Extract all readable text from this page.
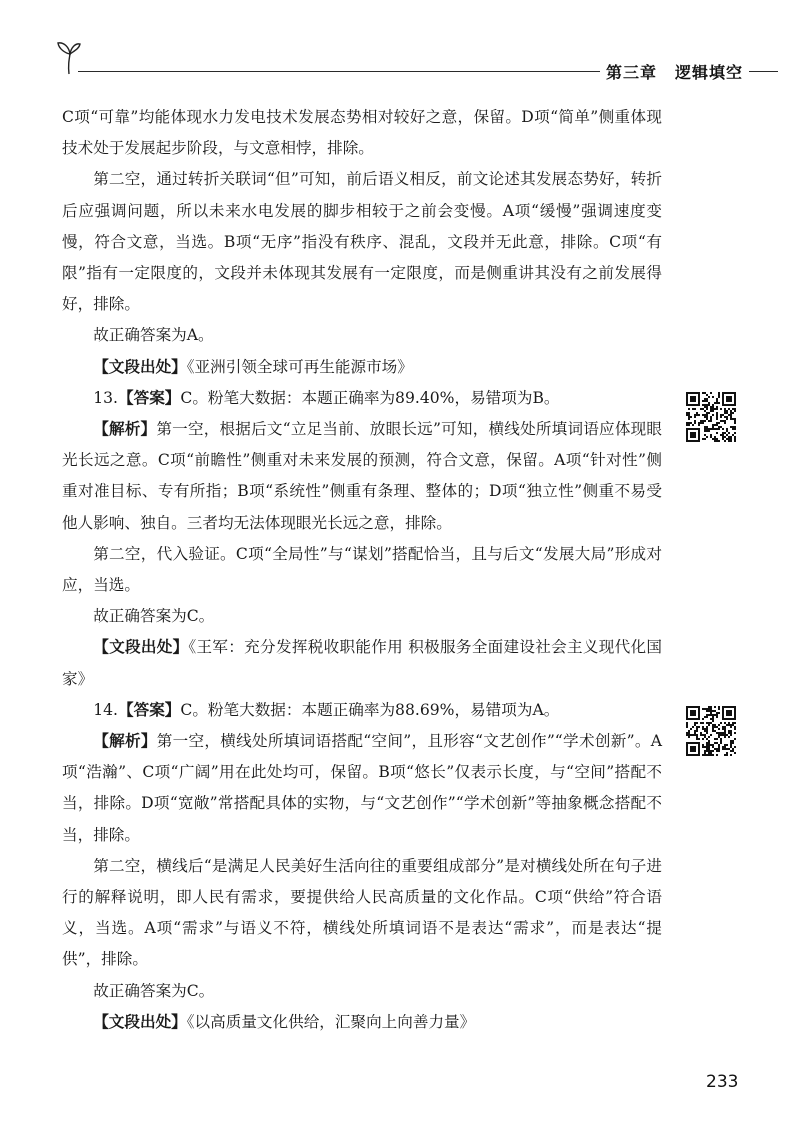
第三章 逻辑填空

C项“可靠”均能体现水力发电技术发展态势相对较好之意，保留。D项“简单”侧重体现技术处于发展起步阶段，与文意相悖，排除。

第二空，通过转折关联词“但”可知，前后语义相反，前文论述其发展态势好，转折后应强调问题，所以未来水电发展的脚步相较于之前会变慢。A项“缓慢”强调速度变慢，符合文意，当选。B项“无序”指没有秩序、混乱，文段并无此意，排除。C项“有限”指有一定限度的，文段并未体现其发展有一定限度，而是侧重讲其没有之前发展得好，排除。

故正确答案为A。

【文段出处】《亚洲引领全球可再生能源市场》

13.【答案】C。粉笔大数据：本题正确率为89.40%，易错项为B。

【解析】第一空，根据后文“立足当前、放眼长远”可知，横线处所填词语应体现眼光长远之意。C项“前瞻性”侧重对未来发展的预测，符合文意，保留。A项“针对性”侧重对准目标、专有所指；B项“系统性”侧重有条理、整体的；D项“独立性”侧重不易受他人影响、独自。三者均无法体现眼光长远之意，排除。

第二空，代入验证。C项“全局性”与“谋划”搭配恰当，且与后文“发展大局”形成对应，当选。

故正确答案为C。

【文段出处】《王军：充分发挥税收职能作用 积极服务全面建设社会主义现代化国家》

14.【答案】C。粉笔大数据：本题正确率为88.69%，易错项为A。

【解析】第一空，横线处所填词语搭配“空间”，且形容“文艺创作”“学术创新”。A项“浩瀚”、C项“广阔”用在此处均可，保留。B项“悠长”仅表示长度，与“空间”搭配不当，排除。D项“宽敞”常搭配具体的实物，与“文艺创作”“学术创新”等抽象概念搭配不当，排除。

第二空，横线后“是满足人民美好生活向往的重要组成部分”是对横线处所在句子进行的解释说明，即人民有需求，要提供给人民高质量的文化作品。C项“供给”符合语义，当选。A项“需求”与语义不符，横线处所填词语不是表达“需求”，而是表达“提供”，排除。

故正确答案为C。

【文段出处】《以高质量文化供给，汇聚向上向善力量》

233
